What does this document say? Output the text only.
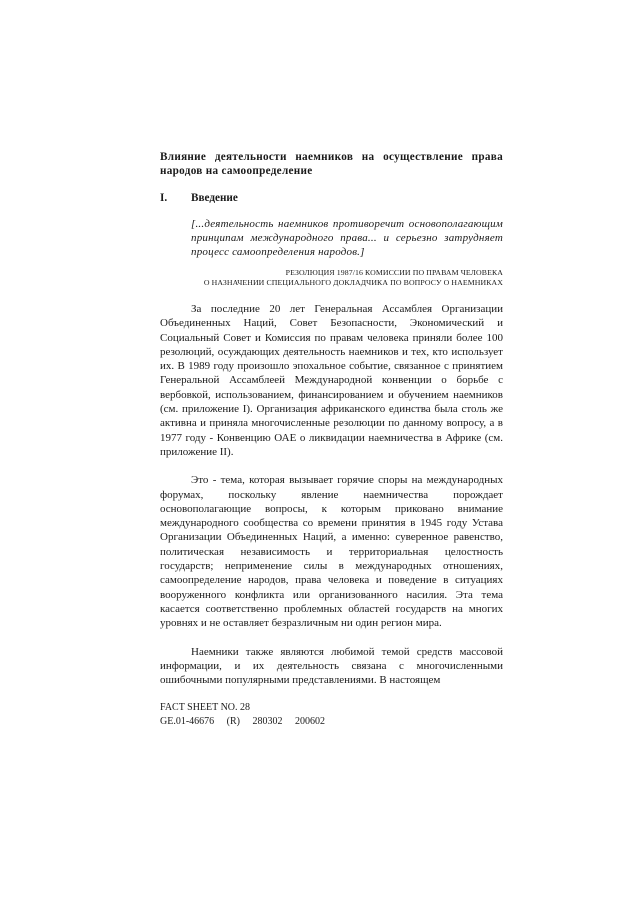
Влияние деятельности наемников на осуществление права народов на самоопределение
I.	Введение
[...деятельность наемников противоречит основополагающим принципам международного права... и серьезно затрудняет процесс самоопределения народов.]
РЕЗОЛЮЦИЯ 1987/16 КОМИССИИ ПО ПРАВАМ ЧЕЛОВЕКА
О НАЗНАЧЕНИИ СПЕЦИАЛЬНОГО ДОКЛАДЧИКА ПО ВОПРОСУ О НАЕМНИКАХ

За последние 20 лет Генеральная Ассамблея Организации Объединенных Наций, Совет Безопасности, Экономический и Социальный Совет и Комиссия по правам человека приняли более 100 резолюций, осуждающих деятельность наемников и тех, кто использует их. В 1989 году произошло эпохальное событие, связанное с принятием Генеральной Ассамблеей Международной конвенции о борьбе с вербовкой, использованием, финансированием и обучением наемников (см. приложение I). Организация африканского единства была столь же активна и приняла многочисленные резолюции по данному вопросу, а в 1977 году - Конвенцию ОАЕ о ликвидации наемничества в Африке (см. приложение II).

Это - тема, которая вызывает горячие споры на международных форумах, поскольку явление наемничества порождает основополагающие вопросы, к которым приковано внимание международного сообщества со времени принятия в 1945 году Устава Организации Объединенных Наций, а именно: суверенное равенство, политическая независимость и территориальная целостность государств; неприменение силы в международных отношениях, самоопределение народов, права человека и поведение в ситуациях вооруженного конфликта или организованного насилия. Эта тема касается соответственно проблемных областей государств на многих уровнях и не оставляет безразличным ни один регион мира.

Наемники также являются любимой темой средств массовой информации, и их деятельность связана с многочисленными ошибочными популярными представлениями. В настоящем

FACT SHEET NO. 28
GE.01-46676 (R) 280302 200602
